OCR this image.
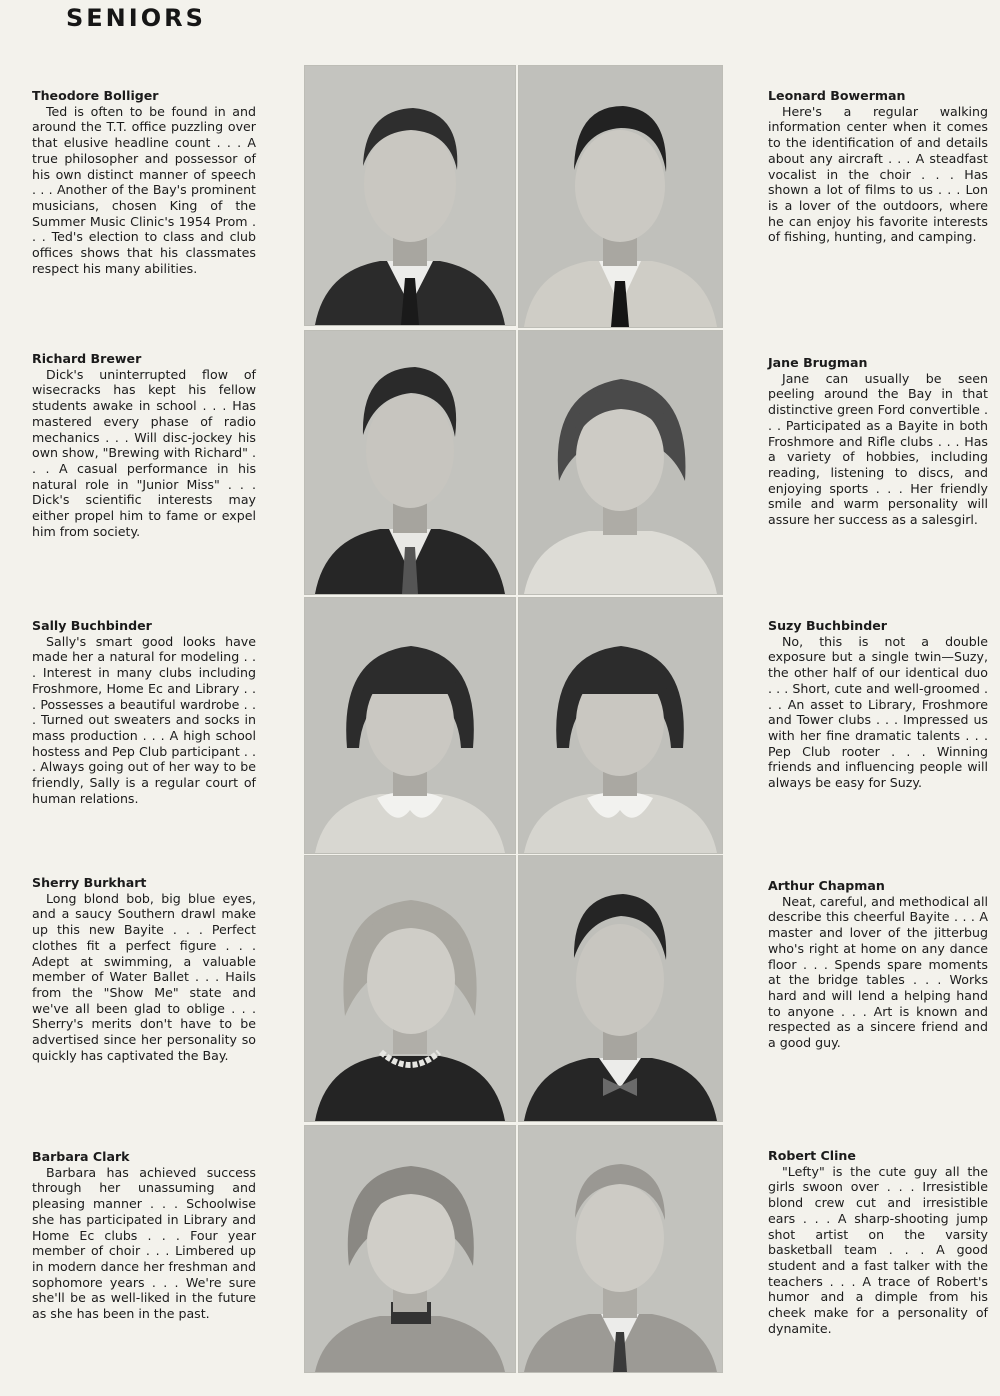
SENIORS
Theodore Bolliger
Ted is often to be found in and around the T.T. office puzzling over that elusive headline count . . . A true philosopher and possessor of his own distinct manner of speech . . . Another of the Bay's prominent musicians, chosen King of the Summer Music Clinic's 1954 Prom . . . Ted's election to class and club offices shows that his classmates respect his many abilities.
Leonard Bowerman
Here's a regular walking information center when it comes to the identification of and details about any aircraft . . . A steadfast vocalist in the choir . . . Has shown a lot of films to us . . . Lon is a lover of the outdoors, where he can enjoy his favorite interests of fishing, hunting, and camping.
Richard Brewer
Dick's uninterrupted flow of wisecracks has kept his fellow students awake in school . . . Has mastered every phase of radio mechanics . . . Will disc-jockey his own show, "Brewing with Richard" . . . A casual performance in his natural role in "Junior Miss" . . . Dick's scientific interests may either propel him to fame or expel him from society.
Jane Brugman
Jane can usually be seen peeling around the Bay in that distinctive green Ford convertible . . . Participated as a Bayite in both Froshmore and Rifle clubs . . . Has a variety of hobbies, including reading, listening to discs, and enjoying sports . . . Her friendly smile and warm personality will assure her success as a salesgirl.
Sally Buchbinder
Sally's smart good looks have made her a natural for modeling . . . Interest in many clubs including Froshmore, Home Ec and Library . . . Possesses a beautiful wardrobe . . . Turned out sweaters and socks in mass production . . . A high school hostess and Pep Club participant . . . Always going out of her way to be friendly, Sally is a regular court of human relations.
Suzy Buchbinder
No, this is not a double exposure but a single twin—Suzy, the other half of our identical duo . . . Short, cute and well-groomed . . . An asset to Library, Froshmore and Tower clubs . . . Impressed us with her fine dramatic talents . . . Pep Club rooter . . . Winning friends and influencing people will always be easy for Suzy.
Sherry Burkhart
Long blond bob, big blue eyes, and a saucy Southern drawl make up this new Bayite . . . Perfect clothes fit a perfect figure . . . Adept at swimming, a valuable member of Water Ballet . . . Hails from the "Show Me" state and we've all been glad to oblige . . . Sherry's merits don't have to be advertised since her personality so quickly has captivated the Bay.
Arthur Chapman
Neat, careful, and methodical all describe this cheerful Bayite . . . A master and lover of the jitterbug who's right at home on any dance floor . . . Spends spare moments at the bridge tables . . . Works hard and will lend a helping hand to anyone . . . Art is known and respected as a sincere friend and a good guy.
Barbara Clark
Barbara has achieved success through her unassuming and pleasing manner . . . Schoolwise she has participated in Library and Home Ec clubs . . . Four year member of choir . . . Limbered up in modern dance her freshman and sophomore years . . . We're sure she'll be as well-liked in the future as she has been in the past.
Robert Cline
"Lefty" is the cute guy all the girls swoon over . . . Irresistible blond crew cut and irresistible ears . . . A sharp-shooting jump shot artist on the varsity basketball team . . . A good student and a fast talker with the teachers . . . A trace of Robert's humor and a dimple from his cheek make for a personality of dynamite.
